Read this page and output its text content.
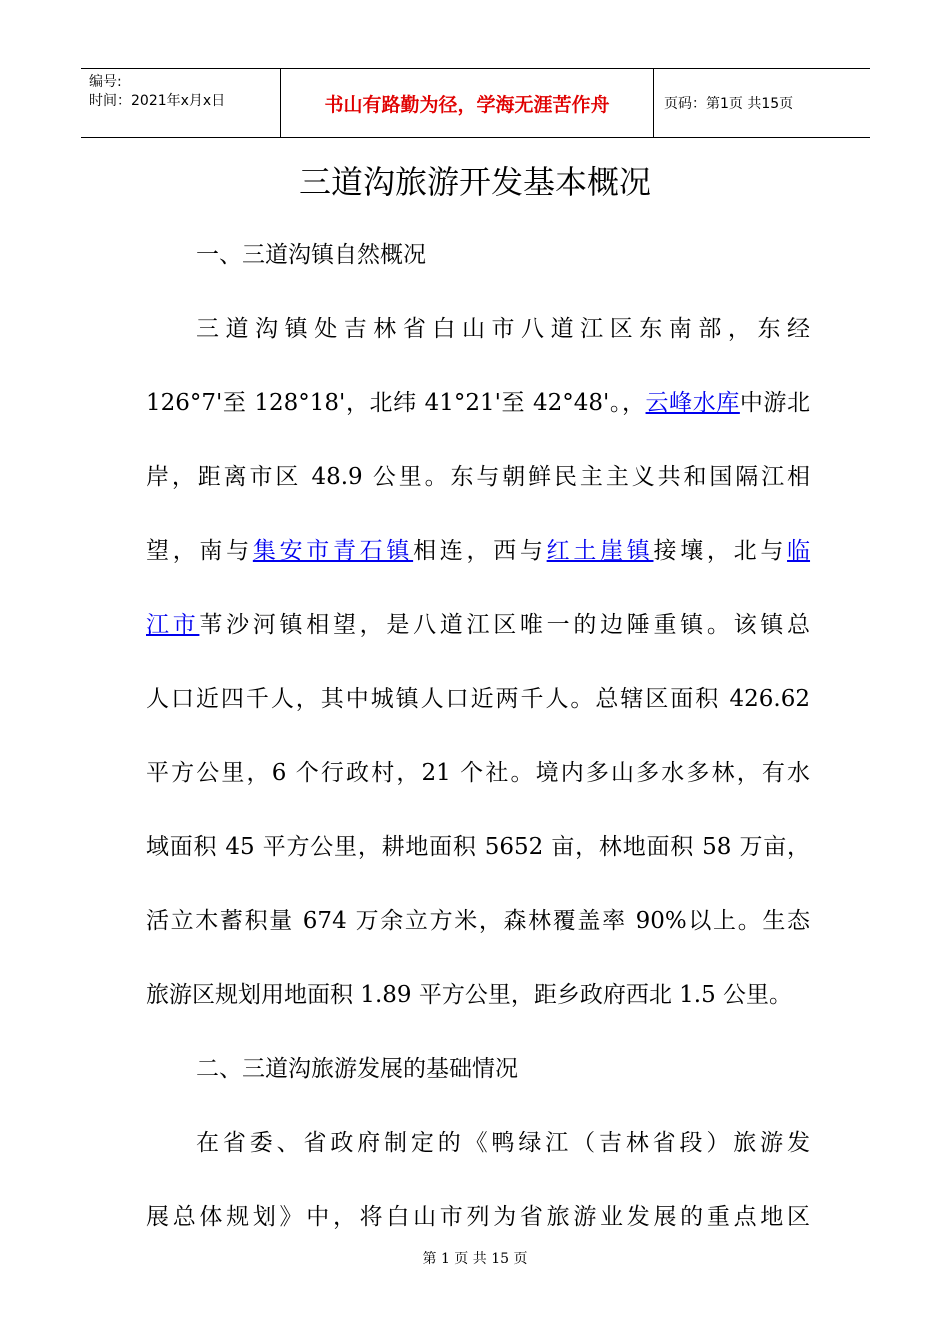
编号:
时间：2021年x月x日	书山有路勤为径，学海无涯苦作舟	页码：第1页 共15页
三道沟旅游开发基本概况
一、三道沟镇自然概况
三道沟镇处吉林省白山市八道江区东南部，东经
126°7'至 128°18'，北纬 41°21'至 42°48'。，云峰水库中游北
岸，距离市区 48.9 公里。东与朝鲜民主主义共和国隔江相
望，南与集安市青石镇相连，西与红土崖镇接壤，北与临
江市苇沙河镇相望，是八道江区唯一的边陲重镇。该镇总
人口近四千人，其中城镇人口近两千人。总辖区面积 426.62
平方公里，6 个行政村，21 个社。境内多山多水多林，有水
域面积 45 平方公里，耕地面积 5652 亩，林地面积 58 万亩，
活立木蓄积量 674 万余立方米，森林覆盖率 90%以上。生态
旅游区规划用地面积 1.89 平方公里，距乡政府西北 1.5 公里。
二、三道沟旅游发展的基础情况
在省委、省政府制定的《鸭绿江（吉林省段）旅游发
展总体规划》中，将白山市列为省旅游业发展的重点地区
第 1 页 共 15 页
